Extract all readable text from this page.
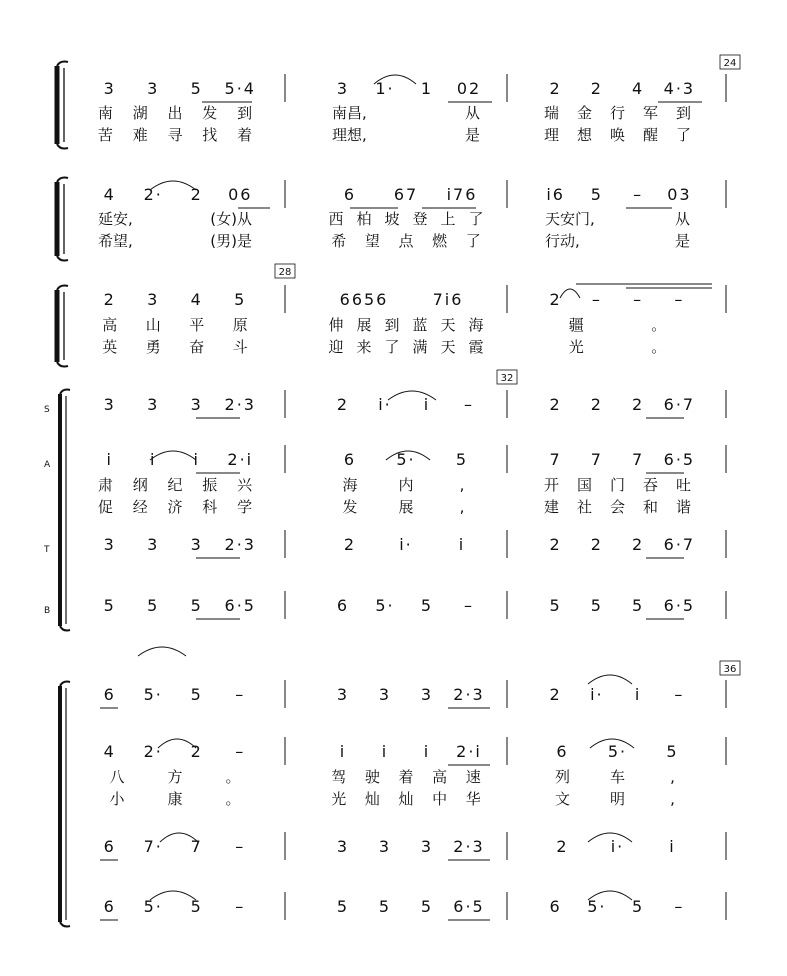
S
A
T
B
24
28
32
36
3 3 5 5·4	3 1· 1 02	2 2 4 4·3
4 2· 2 06	6 67 i76	i6 5 – 03
2 3 4 5	6656	7i6	2 – – –
3 3 3 2·3	2 i· i –	2 2 2 6·7
i i i 2·i	6	5·	5	7 7 7 6·5
3 3 3 2·3	2	i·	i	2 2 2 6·7
5 5 5 6·5	6 5· 5 –	5 5 5 6·5
6 5· 5 –	3 3 3 2·3	2 i· i –
4 2· 2 –	i i i 2·i	6 5· 5
6 7· 7 –	3 3 3 2·3	2	i·	i
6 5· 5 –	5 5 5 6·5	6 5· 5 –
南 湖 出 发 到	南昌,	从	瑞 金 行 军 到
苦 难 寻 找 着	理想,	是	理 想 唤 醒 了
延安,	(女)从	西 柏 坡 登 上 了	天安门,	从
希望,	(男)是	希 望 点 燃 了	行动,	是
高 山 平 原	伸 展 到 蓝 天 海	疆	。
英 勇 奋 斗	迎 来 了 满 天 霞	光	。
肃 纲 纪 振 兴	海	内	,	开 国 门 吞 吐
促 经 济 科 学	发	展	,	建 社 会 和 谐
八	方	。	驾 驶 着 高 速	列	车	,
小	康	。	光 灿 灿 中 华	文	明	,
